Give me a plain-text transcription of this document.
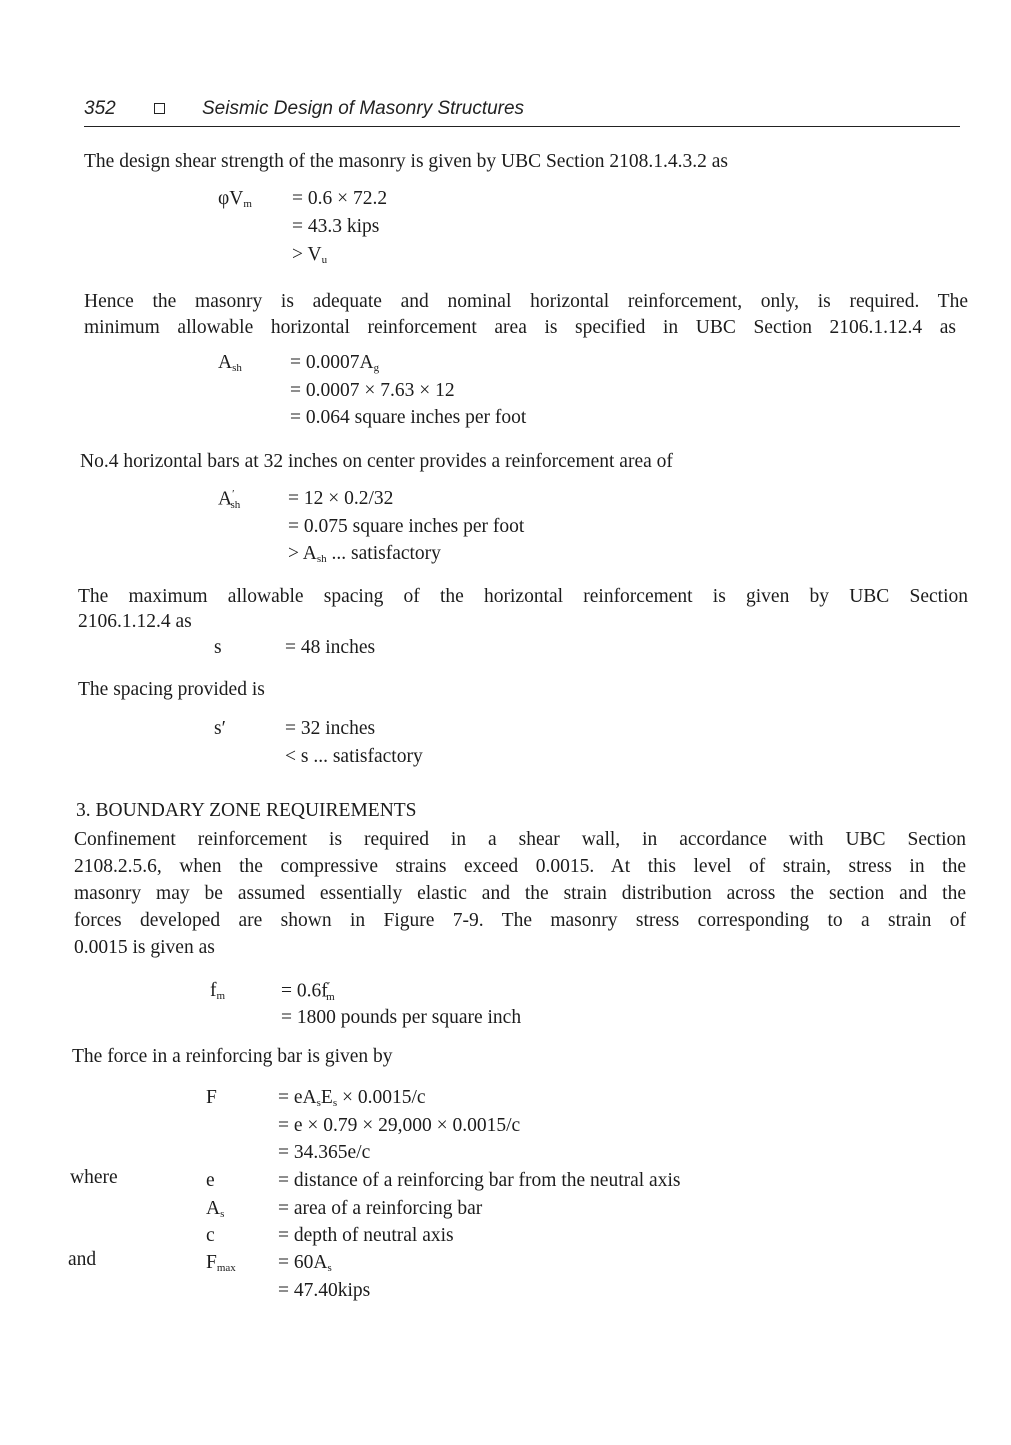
352	Seismic Design of Masonry Structures
The design shear strength of the masonry is given by UBC Section 2108.1.4.3.2 as
$\varphi V_m = 0.6 \times 72.2$
= 43.3 kips
> $V_u$
Hence the masonry is adequate and nominal horizontal reinforcement, only, is required. The
minimum allowable horizontal reinforcement area is specified in UBC Section 2106.1.12.4 as
$A_{sh} = 0.0007A_g$
= 0.0007 × 7.63 × 12
= 0.064 square inches per foot
No.4 horizontal bars at 32 inches on center provides a reinforcement area of
$A'_{sh} = 12 \times 0.2/32$
= 0.075 square inches per foot
> $A_{sh}$ ... satisfactory
The maximum allowable spacing of the horizontal reinforcement is given by UBC Section
2106.1.12.4 as
s	= 48 inches
The spacing provided is
s′	= 32 inches
< s ... satisfactory
3. BOUNDARY ZONE REQUIREMENTS
Confinement reinforcement is required in a shear wall, in accordance with UBC Section
2108.2.5.6, when the compressive strains exceed 0.0015. At this level of strain, stress in the
masonry may be assumed essentially elastic and the strain distribution across the section and the
forces developed are shown in Figure 7-9. The masonry stress corresponding to a strain of
0.0015 is given as
$f_m$	= $0.6f'_m$
= 1800 pounds per square inch
The force in a reinforcing bar is given by
F	= $eA_sE_s \times 0.0015/c$
= e × 0.79 × 29,000 × 0.0015/c
= 34.365e/c
where	e	= distance of a reinforcing bar from the neutral axis
$A_s$	= area of a reinforcing bar
c	= depth of neutral axis
and	$F_{max} = 60A_s$
= 47.40kips
